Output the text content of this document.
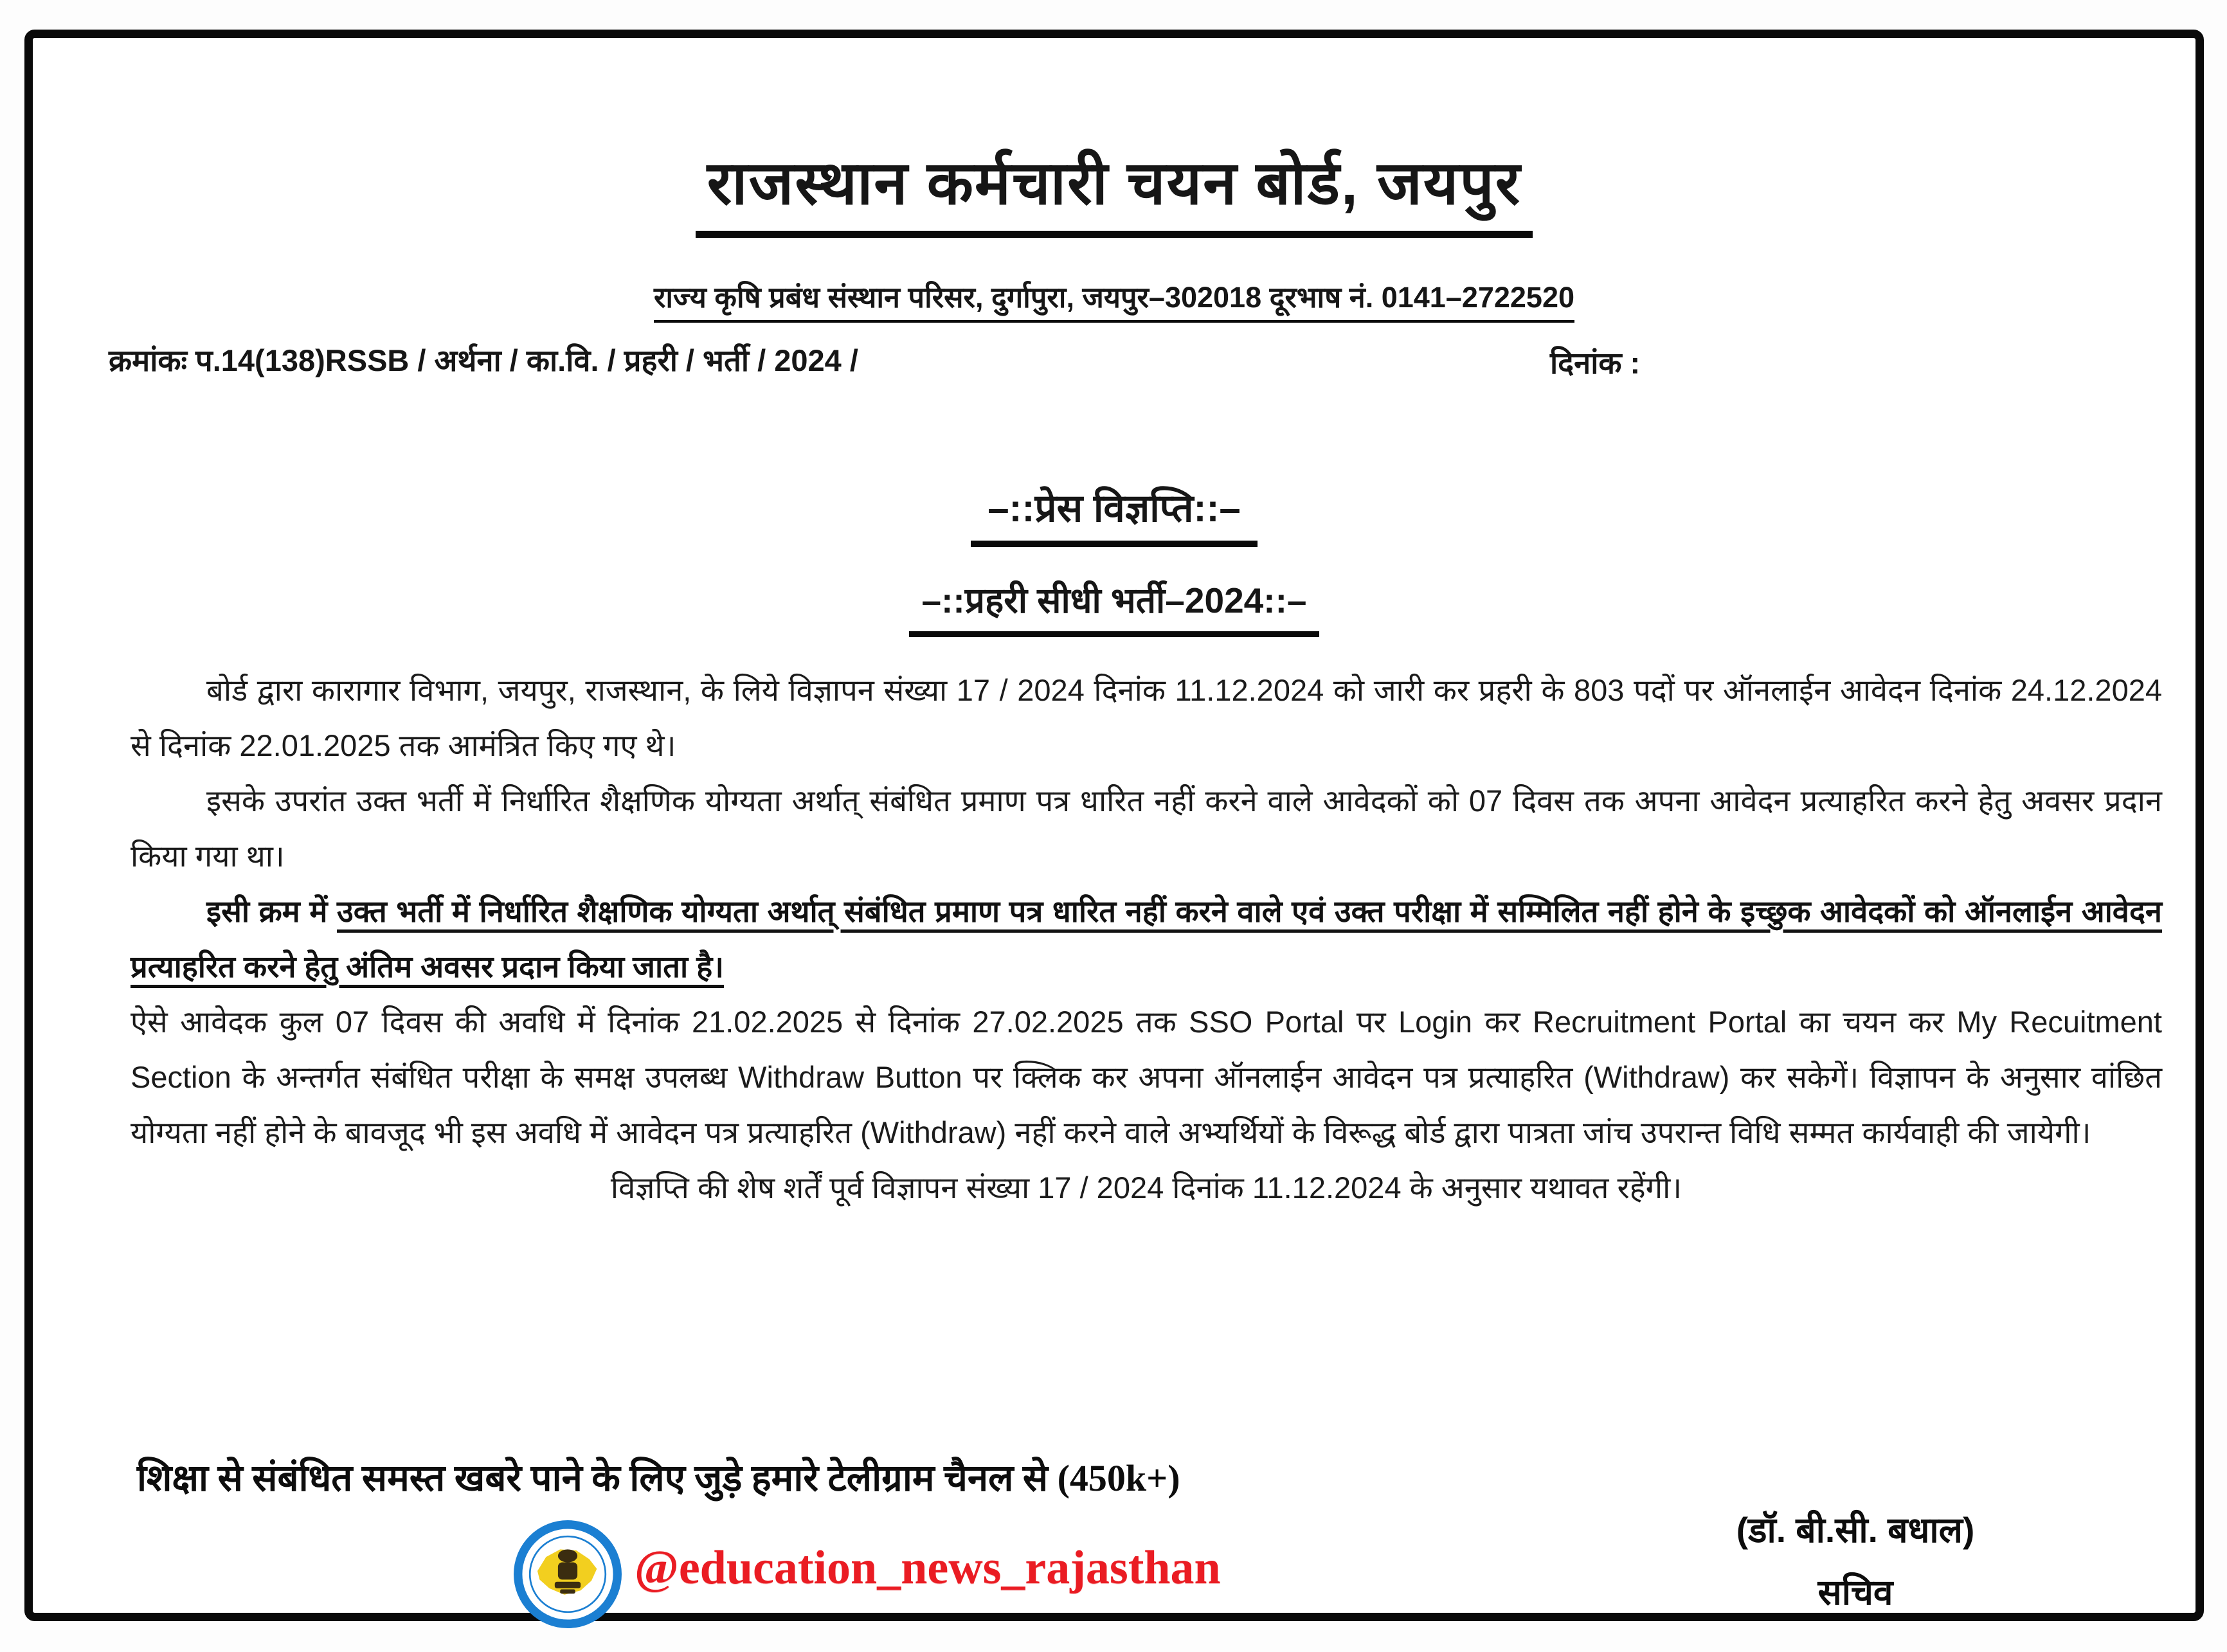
राजस्थान कर्मचारी चयन बोर्ड, जयपुर
राज्य कृषि प्रबंध संस्थान परिसर, दुर्गापुरा, जयपुर–302018 दूरभाष नं. 0141–2722520
क्रमांकः प.14(138)RSSB / अर्थना / का.वि. / प्रहरी / भर्ती / 2024 /	दिनांक :
–::प्रेस विज्ञप्ति::–
–::प्रहरी सीधी भर्ती–2024::–

बोर्ड द्वारा कारागार विभाग, जयपुर, राजस्थान, के लिये विज्ञापन संख्या 17 / 2024 दिनांक 11.12.2024 को जारी कर प्रहरी के 803 पदों पर ऑनलाईन आवेदन दिनांक 24.12.2024 से दिनांक 22.01.2025 तक आमंत्रित किए गए थे।

इसके उपरांत उक्त भर्ती में निर्धारित शैक्षणिक योग्यता अर्थात् संबंधित प्रमाण पत्र धारित नहीं करने वाले आवेदकों को 07 दिवस तक अपना आवेदन प्रत्याहरित करने हेतु अवसर प्रदान किया गया था।

इसी क्रम में उक्त भर्ती में निर्धारित शैक्षणिक योग्यता अर्थात् संबंधित प्रमाण पत्र धारित नहीं करने वाले एवं उक्त परीक्षा में सम्मिलित नहीं होने के इच्छुक आवेदकों को ऑनलाईन आवेदन प्रत्याहरित करने हेतु अंतिम अवसर प्रदान किया जाता है।

ऐसे आवेदक कुल 07 दिवस की अवधि में दिनांक 21.02.2025 से दिनांक 27.02.2025 तक SSO Portal पर Login कर Recruitment Portal का चयन कर My Recuitment Section के अन्तर्गत संबंधित परीक्षा के समक्ष उपलब्ध Withdraw Button पर क्लिक कर अपना ऑनलाईन आवेदन पत्र प्रत्याहरित (Withdraw) कर सकेगें। विज्ञापन के अनुसार वांछित योग्यता नहीं होने के बावजूद भी इस अवधि में आवेदन पत्र प्रत्याहरित (Withdraw) नहीं करने वाले अभ्यर्थियों के विरूद्ध बोर्ड द्वारा पात्रता जांच उपरान्त विधि सम्मत कार्यवाही की जायेगी।

विज्ञप्ति की शेष शर्तें पूर्व विज्ञापन संख्या 17 / 2024 दिनांक 11.12.2024 के अनुसार यथावत रहेंगी।

शिक्षा से संबंधित समस्त खबरे पाने के लिए जुड़े हमारे टेलीग्राम चैनल से (450k+)
@education_news_rajasthan
(डॉ. बी.सी. बधाल)
सचिव
